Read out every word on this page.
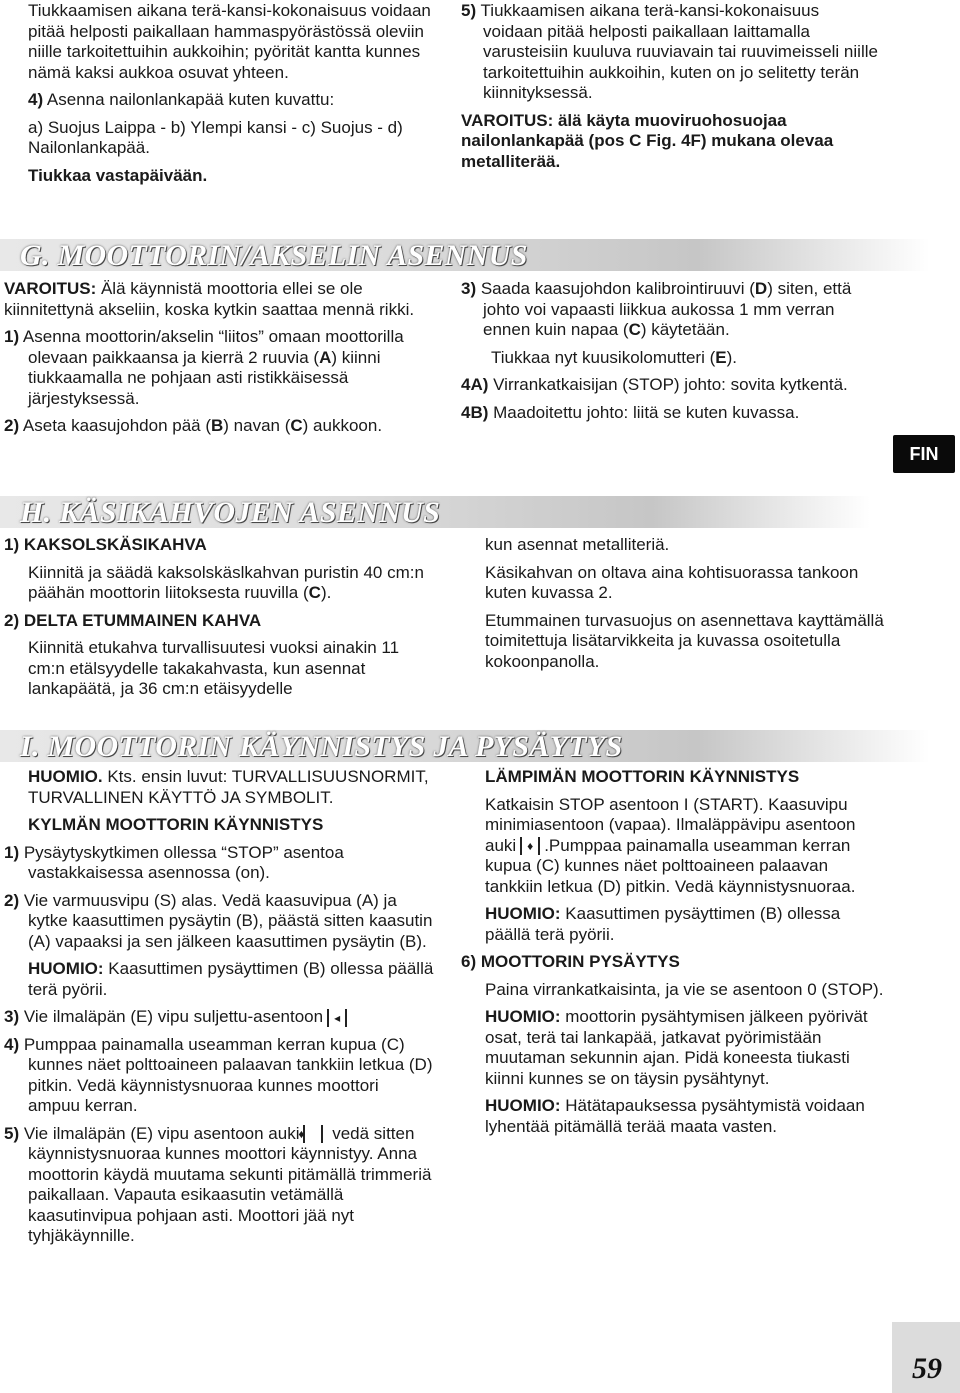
Tiukkaamisen aikana terä-kansi-kokonaisuus voidaan pitää helposti paikallaan hammaspyörästössä oleviin niille tarkoitettuihin aukkoihin; pyörität kantta kunnes nämä kaksi aukkoa osuvat yhteen.

4) Asenna nailonlankapää kuten kuvattu:

a) Suojus Laippa - b) Ylempi kansi - c) Suojus - d) Nailonlankapää.

Tiukkaa vastapäivään.

5) Tiukkaamisen aikana terä-kansi-kokonaisuus voidaan pitää helposti paikallaan laittamalla varusteisiin kuuluva ruuviavain tai ruuvimeisseli niille tarkoitettuihin aukkoihin, kuten on jo selitetty terän kiinnityksessä.

VAROITUS: älä käyta muoviruohosuojaa nailonlankapää (pos C Fig. 4F) mukana olevaa metalliterää.

G. MOOTTORIN/AKSELIN ASENNUS

VAROITUS: Älä käynnistä moottoria ellei se ole kiinnitettynä akseliin, koska kytkin saattaa mennä rikki.

1) Asenna moottorin/akselin “liitos” omaan moottorilla olevaan paikkaansa ja kierrä 2 ruuvia (A) kiinni tiukkaamalla ne pohjaan asti ristikkäisessä järjestyksessä.

2) Aseta kaasujohdon pää (B) navan (C) aukkoon.

3) Saada kaasujohdon kalibrointiruuvi (D) siten, että johto voi vapaasti liikkua aukossa 1 mm verran ennen kuin napaa (C) käytetään.

Tiukkaa nyt kuusikolomutteri (E).

4A) Virrankatkaisijan (STOP) johto: sovita kytkentä.

4B) Maadoitettu johto: liitä se kuten kuvassa.

FIN
H. KÄSIKAHVOJEN ASENNUS

1) KAKSOLSKÄSIKAHVA

Kiinnitä ja säädä kaksolskäslkahvan puristin 40 cm:n päähän moottorin liitoksesta ruuvilla (C).

2) DELTA ETUMMAINEN KAHVA

Kiinnitä etukahva turvallisuutesi vuoksi ainakin 11 cm:n etälsyydelle takakahvasta, kun asennat lankapäätä, ja 36 cm:n etäisyydelle

kun asennat metalliteriä.

Käsikahvan on oltava aina kohtisuorassa tankoon kuten kuvassa 2.

Etummainen turvasuojus on asennettava kayttämällä toimitettuja lisätarvikkeita ja kuvassa osoitetulla kokoonpanolla.

I. MOOTTORIN KÄYNNISTYS JA PYSÄYTYS

HUOMIO. Kts. ensin luvut: TURVALLISUUSNORMIT, TURVALLINEN KÄYTTÖ JA SYMBOLIT.

KYLMÄN MOOTTORIN KÄYNNISTYS

1) Pysäytyskytkimen ollessa “STOP” asentoa vastakkaisessa asennossa (on).

2) Vie varmuusvipu (S) alas. Vedä kaasuvipua (A) ja kytke kaasuttimen pysäytin (B), päästä sitten kaasutin (A) vapaaksi ja sen jälkeen kaasuttimen pysäytin (B).

HUOMIO: Kaasuttimen pysäyttimen (B) ollessa päällä terä pyörii.

3) Vie ilmaläpän (E) vipu suljettu-asentoon ◂

4) Pumppaa painamalla useamman kerran kupua (C) kunnes näet polttoaineen palaavan tankkiin letkua (D) pitkin. Vedä käynnistysnuoraa kunnes moottori ampuu kerran.

5) Vie ilmaläpän (E) vipu asentoon auki♦ vedä sitten käynnistysnuoraa kunnes moottori käynnistyy. Anna moottorin käydä muutama sekunti pitämällä trimmeriä paikallaan. Vapauta esikaasutin vetämällä kaasutinvipua pohjaan asti. Moottori jää nyt tyhjäkäynnille.

LÄMPIMÄN MOOTTORIN KÄYNNISTYS

Katkaisin STOP asentoon I (START). Kaasuvipu minimiasentoon (vapaa). Ilmaläppävipu asentoon auki ♦ .Pumppaa painamalla useamman kerran kupua (C) kunnes näet polttoaineen palaavan tankkiin letkua (D) pitkin. Vedä käynnistysnuoraa.

HUOMIO: Kaasuttimen pysäyttimen (B) ollessa päällä terä pyörii.

6) MOOTTORIN PYSÄYTYS

Paina virrankatkaisinta, ja vie se asentoon 0 (STOP).

HUOMIO: moottorin pysähtymisen jälkeen pyörivät osat, terä tai lankapää, jatkavat pyörimistään muutaman sekunnin ajan. Pidä koneesta tiukasti kiinni kunnes se on täysin pysähtynyt.

HUOMIO: Hätätapauksessa pysähtymistä voidaan lyhentää pitämällä terää maata vasten.

59
